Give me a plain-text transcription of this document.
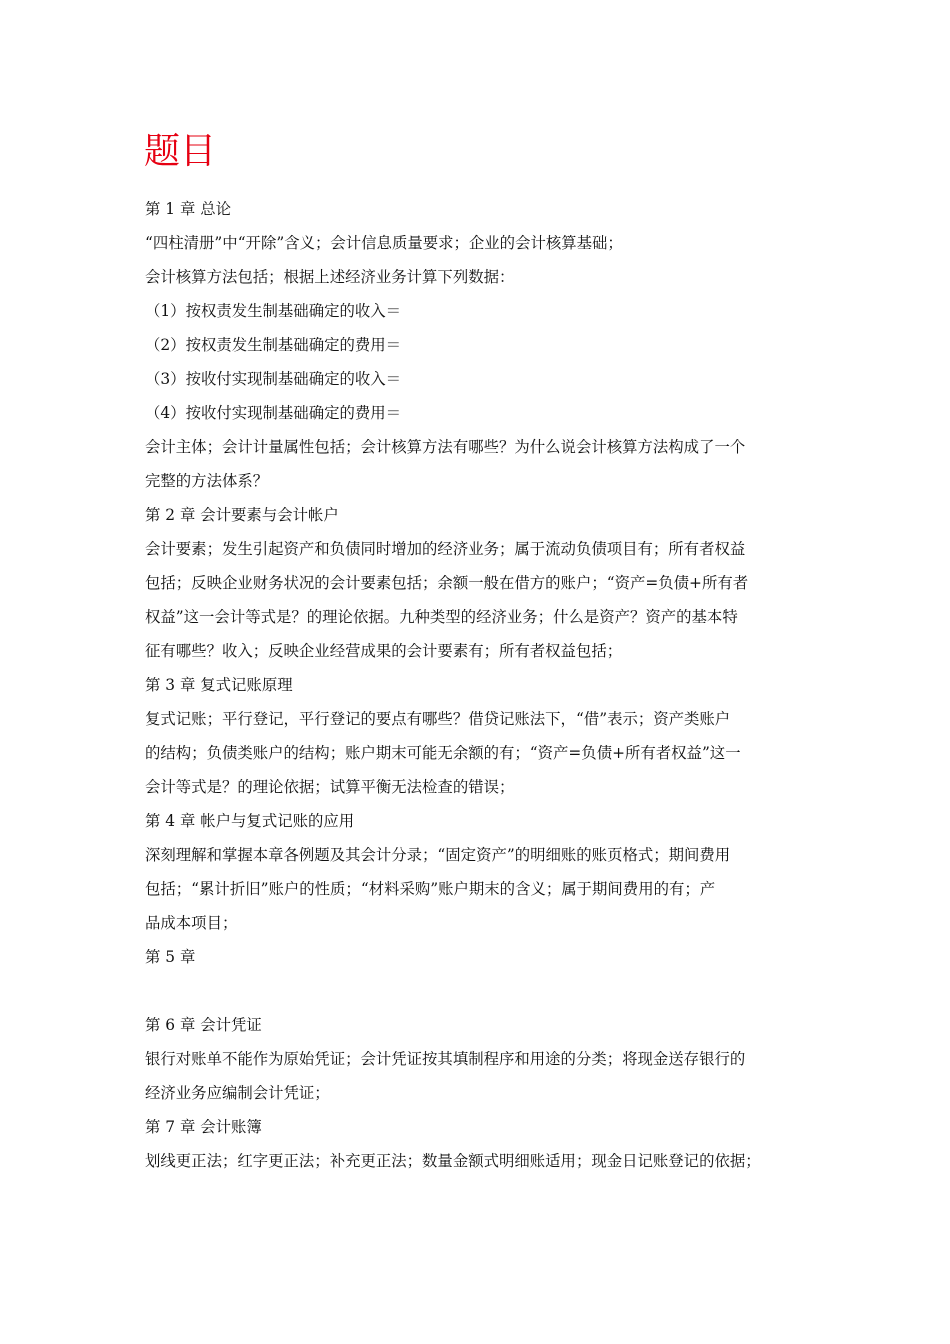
题目
第 1 章 总论
“四柱清册”中“开除”含义；会计信息质量要求；企业的会计核算基础；
会计核算方法包括；根据上述经济业务计算下列数据：
（1）按权责发生制基础确定的收入＝
（2）按权责发生制基础确定的费用＝
（3）按收付实现制基础确定的收入＝
（4）按收付实现制基础确定的费用＝
会计主体；会计计量属性包括；会计核算方法有哪些？为什么说会计核算方法构成了一个
完整的方法体系？
第 2 章 会计要素与会计帐户
会计要素；发生引起资产和负债同时增加的经济业务；属于流动负债项目有；所有者权益
包括；反映企业财务状况的会计要素包括；余额一般在借方的账户；“资产=负债+所有者
权益”这一会计等式是？的理论依据。九种类型的经济业务；什么是资产？资产的基本特
征有哪些？收入；反映企业经营成果的会计要素有；所有者权益包括；
第 3 章 复式记账原理
复式记账；平行登记，平行登记的要点有哪些？借贷记账法下，“借”表示；资产类账户
的结构；负债类账户的结构；账户期末可能无余额的有；“资产=负债+所有者权益”这一
会计等式是？的理论依据；试算平衡无法检查的错误；
第 4 章 帐户与复式记账的应用
深刻理解和掌握本章各例题及其会计分录；“固定资产”的明细账的账页格式；期间费用
包括；“累计折旧”账户的性质；“材料采购”账户期末的含义；属于期间费用的有；产
品成本项目；
第 5 章
第 6 章 会计凭证
银行对账单不能作为原始凭证；会计凭证按其填制程序和用途的分类；将现金送存银行的
经济业务应编制会计凭证；
第 7 章 会计账簿
划线更正法；红字更正法；补充更正法；数量金额式明细账适用；现金日记账登记的依据；
